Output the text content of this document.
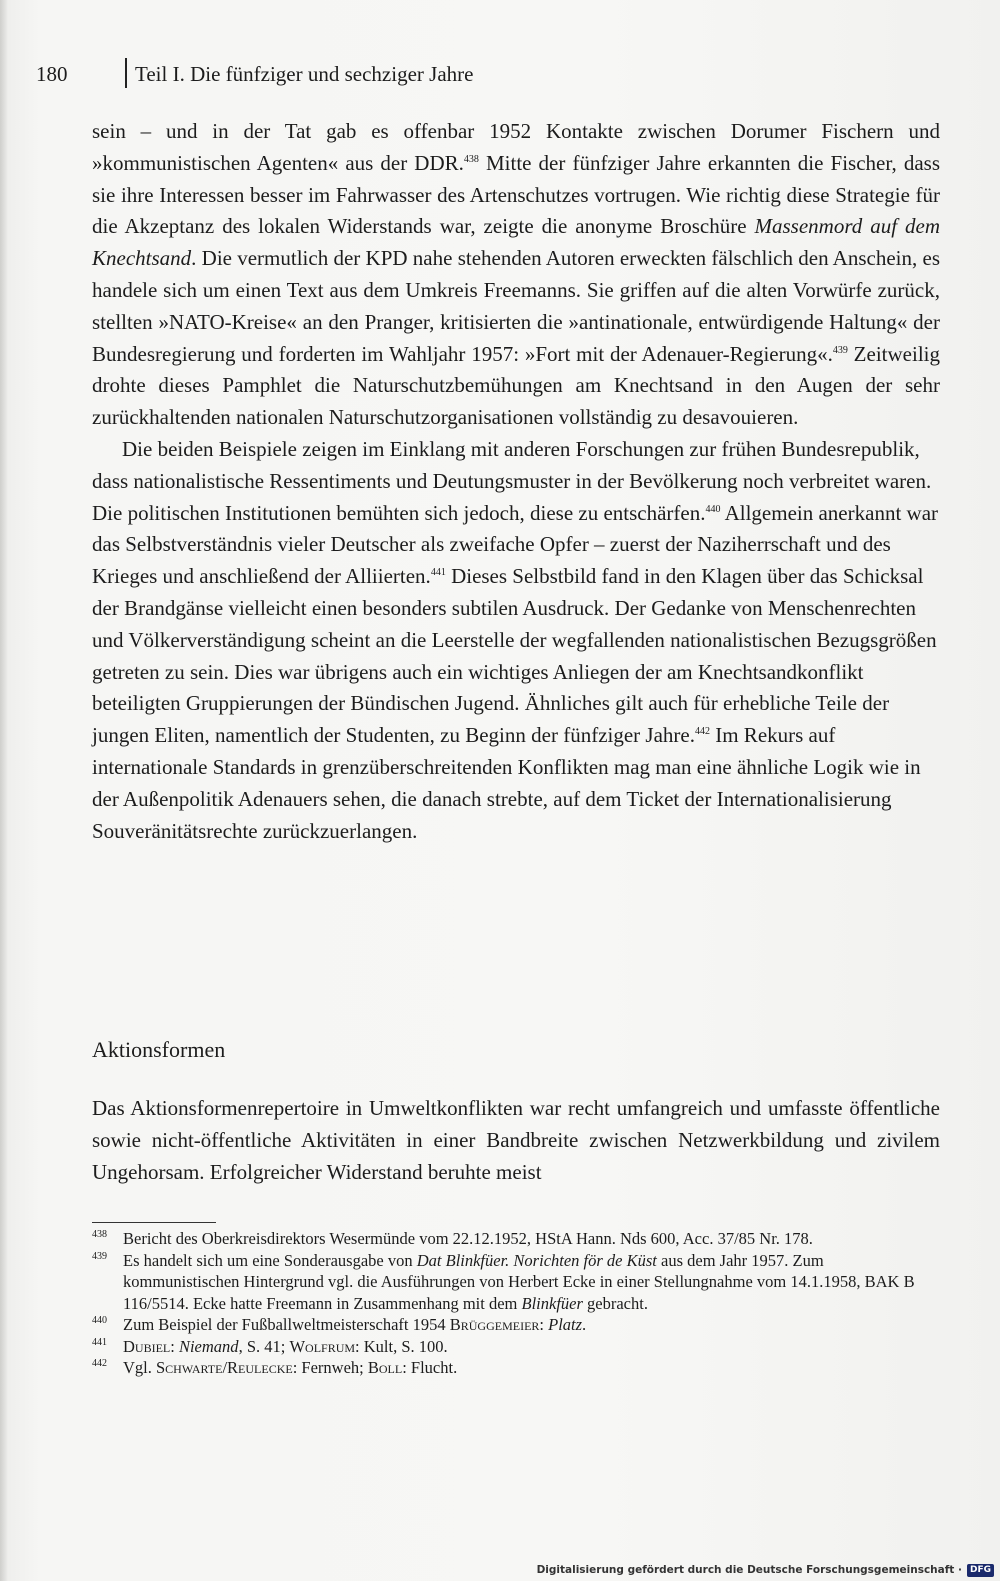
180	Teil I. Die fünfziger und sechziger Jahre

sein – und in der Tat gab es offenbar 1952 Kontakte zwischen Dorumer Fischern und »kommunistischen Agenten« aus der DDR.$^{438}$ Mitte der fünfziger Jahre erkannten die Fischer, dass sie ihre Interessen besser im Fahrwasser des Artenschutzes vortrugen. Wie richtig diese Strategie für die Akzeptanz des lokalen Widerstands war, zeigte die anonyme Broschüre Massenmord auf dem Knechtsand. Die vermutlich der KPD nahe stehenden Autoren erweckten fälschlich den Anschein, es handele sich um einen Text aus dem Umkreis Freemanns. Sie griffen auf die alten Vorwürfe zurück, stellten »NATO-Kreise« an den Pranger, kritisierten die »antinationale, entwürdigende Haltung« der Bundesregierung und forderten im Wahljahr 1957: »Fort mit der Adenauer-Regierung«.$^{439}$ Zeitweilig drohte dieses Pamphlet die Naturschutzbemühungen am Knechtsand in den Augen der sehr zurückhaltenden nationalen Naturschutzorganisationen vollständig zu desavouieren.

Die beiden Beispiele zeigen im Einklang mit anderen Forschungen zur frühen Bundesrepublik, dass nationalistische Ressentiments und Deutungsmuster in der Bevölkerung noch verbreitet waren. Die politischen Institutionen bemühten sich jedoch, diese zu entschärfen.$^{440}$ Allgemein anerkannt war das Selbstverständnis vieler Deutscher als zweifache Opfer – zuerst der Naziherrschaft und des Krieges und anschließend der Alliierten.$^{441}$ Dieses Selbstbild fand in den Klagen über das Schicksal der Brandgänse vielleicht einen besonders subtilen Ausdruck. Der Gedanke von Menschenrechten und Völkerverständigung scheint an die Leerstelle der wegfallenden nationalistischen Bezugsgrößen getreten zu sein. Dies war übrigens auch ein wichtiges Anliegen der am Knechtsandkonflikt beteiligten Gruppierungen der Bündischen Jugend. Ähnliches gilt auch für erhebliche Teile der jungen Eliten, namentlich der Studenten, zu Beginn der fünfziger Jahre.$^{442}$ Im Rekurs auf internationale Standards in grenzüberschreitenden Konflikten mag man eine ähnliche Logik wie in der Außenpolitik Adenauers sehen, die danach strebte, auf dem Ticket der Internationalisierung Souveränitätsrechte zurückzuerlangen.

Aktionsformen

Das Aktionsformenrepertoire in Umweltkonflikten war recht umfangreich und umfasste öffentliche sowie nicht-öffentliche Aktivitäten in einer Bandbreite zwischen Netzwerkbildung und zivilem Ungehorsam. Erfolgreicher Widerstand beruhte meist

438 Bericht des Oberkreisdirektors Wesermünde vom 22.12.1952, HStA Hann. Nds 600, Acc. 37/85 Nr. 178.
439 Es handelt sich um eine Sonderausgabe von Dat Blinkfüer. Norichten för de Küst aus dem Jahr 1957. Zum kommunistischen Hintergrund vgl. die Ausführungen von Herbert Ecke in einer Stellungnahme vom 14.1.1958, BAK B 116/5514. Ecke hatte Freemann in Zusammenhang mit dem Blinkfüer gebracht.
440 Zum Beispiel der Fußballweltmeisterschaft 1954 Brüggemeier: Platz.
441 Dubiel: Niemand, S. 41; Wolfrum: Kult, S. 100.
442 Vgl. Schwarte/Reulecke: Fernweh; Boll: Flucht.
Digitalisierung gefördert durch die Deutsche Forschungsgemeinschaft · DFG
